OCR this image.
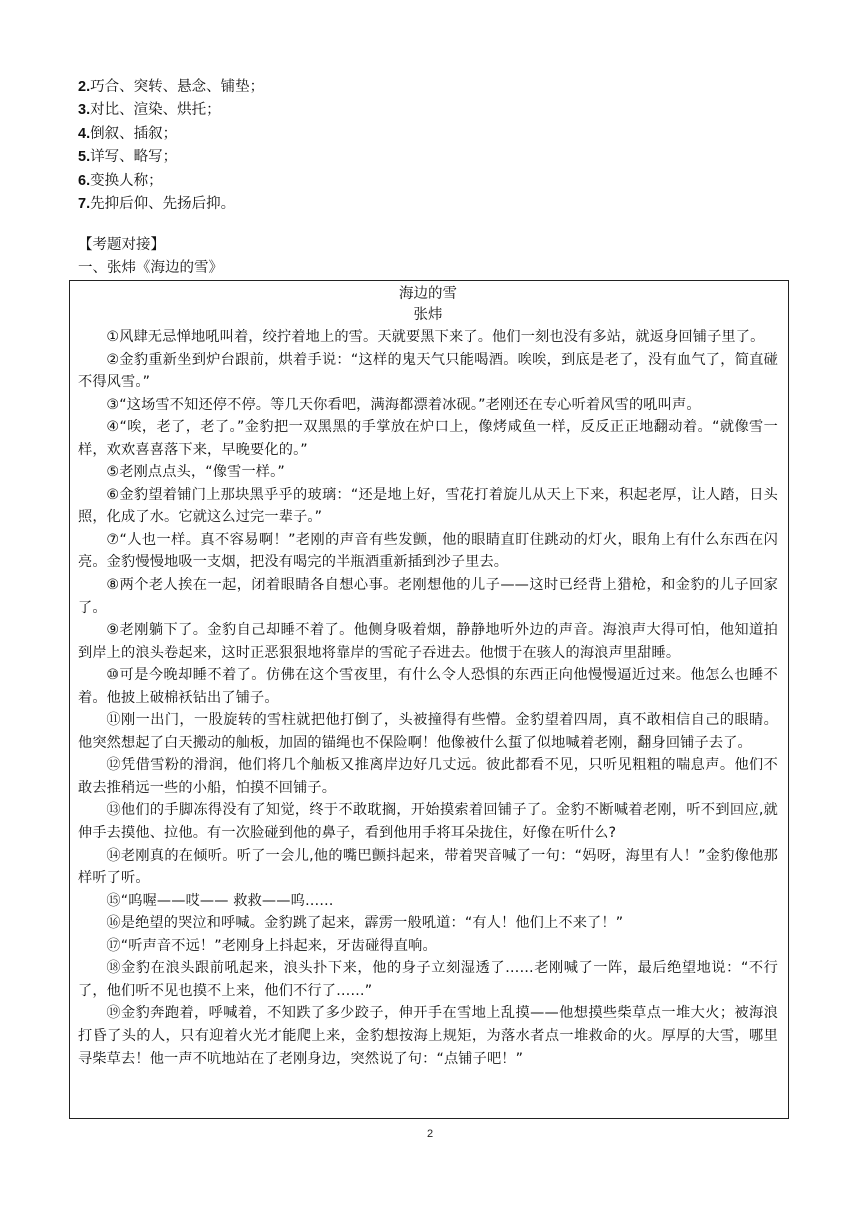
2.巧合、突转、悬念、铺垫；
3.对比、渲染、烘托；
4.倒叙、插叙；
5.详写、略写；
6.变换人称；
7.先抑后仰、先扬后抑。
【考题对接】
一、张炜《海边的雪》
海边的雪
张炜

①风肆无忌惮地吼叫着，绞拧着地上的雪。天就要黑下来了。他们一刻也没有多站，就返身回铺子里了。

②金豹重新坐到炉台跟前，烘着手说：“这样的鬼天气只能喝酒。唉唉，到底是老了，没有血气了，简直碰不得风雪。”

③“这场雪不知还停不停。等几天你看吧，满海都漂着冰砚。”老刚还在专心听着风雪的吼叫声。

④“唉，老了，老了。”金豹把一双黑黑的手掌放在炉口上，像烤咸鱼一样，反反正正地翻动着。“就像雪一样，欢欢喜喜落下来，早晚要化的。”

⑤老刚点点头，“像雪一样。”

⑥金豹望着铺门上那块黑乎乎的玻璃：“还是地上好，雪花打着旋儿从天上下来，积起老厚，让人踏，日头照，化成了水。它就这么过完一辈子。”

⑦“人也一样。真不容易啊！”老刚的声音有些发颤，他的眼睛直盯住跳动的灯火，眼角上有什么东西在闪亮。金豹慢慢地吸一支烟，把没有喝完的半瓶酒重新插到沙子里去。

⑧两个老人挨在一起，闭着眼睛各自想心事。老刚想他的儿子——这时已经背上猎枪，和金豹的儿子回家了。

⑨老刚躺下了。金豹自己却睡不着了。他侧身吸着烟，静静地听外边的声音。海浪声大得可怕，他知道拍到岸上的浪头卷起来，这时正恶狠狠地将靠岸的雪砣子吞进去。他惯于在骇人的海浪声里甜睡。

⑩可是今晚却睡不着了。仿佛在这个雪夜里，有什么令人恐惧的东西正向他慢慢逼近过来。他怎么也睡不着。他披上破棉袄钻出了铺子。

⑪刚一出门，一股旋转的雪柱就把他打倒了，头被撞得有些懵。金豹望着四周，真不敢相信自己的眼睛。他突然想起了白天搬动的舢板，加固的锚绳也不保险啊！他像被什么蜇了似地喊着老刚，翻身回铺子去了。

⑫凭借雪粉的滑润，他们将几个舢板又推离岸边好几丈远。彼此都看不见，只听见粗粗的喘息声。他们不敢去推稍远一些的小船，怕摸不回铺子。

⑬他们的手脚冻得没有了知觉，终于不敢耽搁，开始摸索着回铺子了。金豹不断喊着老刚，听不到回应,就伸手去摸他、拉他。有一次脸碰到他的鼻子，看到他用手将耳朵拢住，好像在听什么?

⑭老刚真的在倾听。听了一会儿,他的嘴巴颤抖起来，带着哭音喊了一句：“妈呀，海里有人！”金豹像他那样听了听。

⑮“呜喔——哎—— 救救——呜……

⑯是绝望的哭泣和呼喊。金豹跳了起来，霹雳一般吼道：“有人！他们上不来了！”

⑰“听声音不远！”老刚身上抖起来，牙齿碰得直响。

⑱金豹在浪头跟前吼起来，浪头扑下来，他的身子立刻湿透了……老刚喊了一阵，最后绝望地说：“不行了，他们听不见也摸不上来，他们不行了……”

⑲金豹奔跑着，呼喊着，不知跌了多少跤子，伸开手在雪地上乱摸——他想摸些柴草点一堆大火；被海浪打昏了头的人，只有迎着火光才能爬上来，金豹想按海上规矩，为落水者点一堆救命的火。厚厚的大雪，哪里寻柴草去！他一声不吭地站在了老刚身边，突然说了句：“点铺子吧！”

2
